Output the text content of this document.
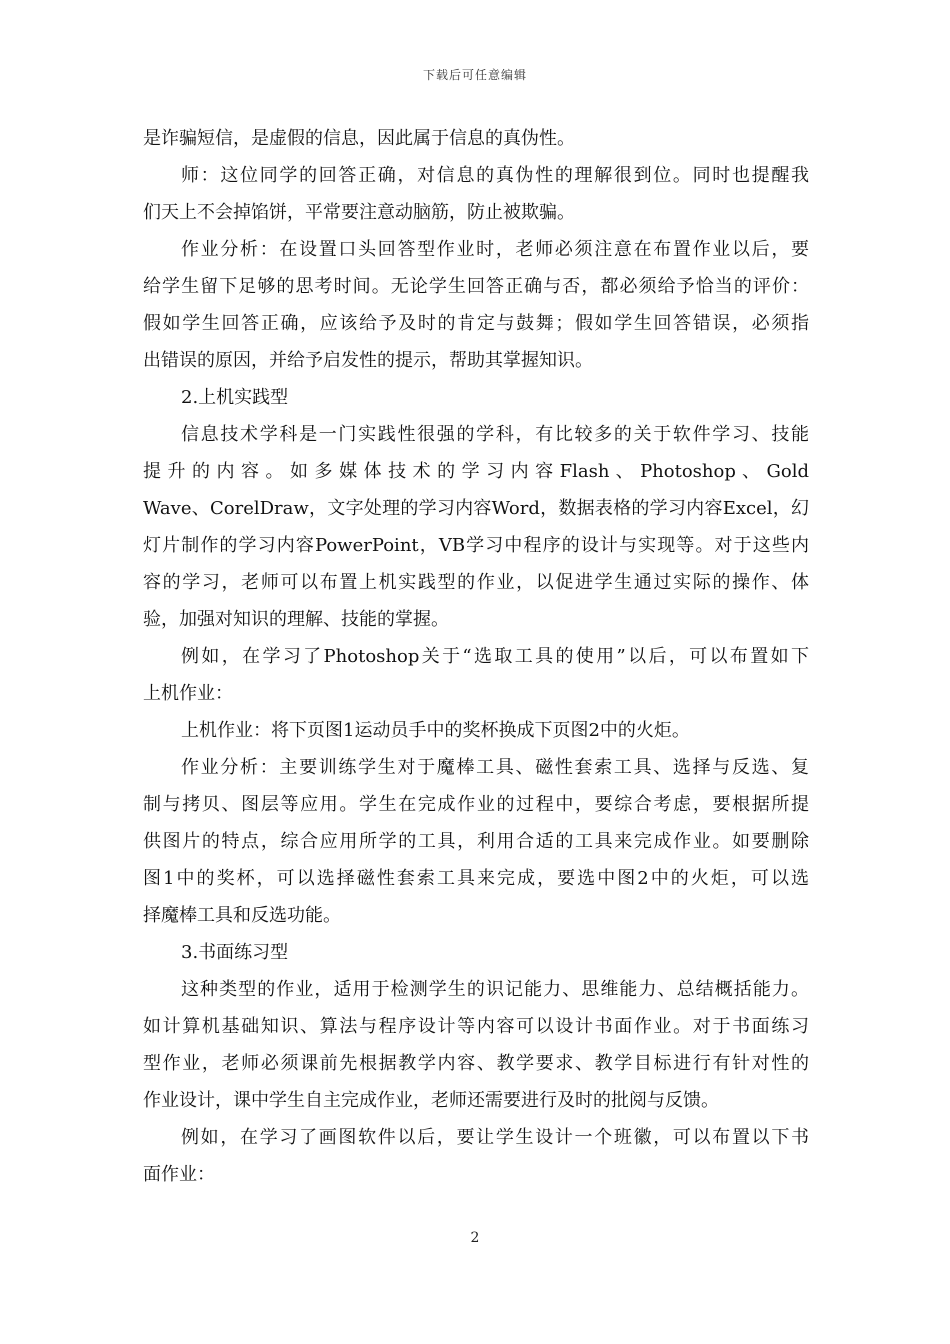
下载后可任意编辑
是诈骗短信，是虚假的信息，因此属于信息的真伪性。
师：这位同学的回答正确，对信息的真伪性的理解很到位。同时也提醒我
们天上不会掉馅饼，平常要注意动脑筋，防止被欺骗。
作业分析：在设置口头回答型作业时，老师必须注意在布置作业以后，要
给学生留下足够的思考时间。无论学生回答正确与否，都必须给予恰当的评价：
假如学生回答正确，应该给予及时的肯定与鼓舞；假如学生回答错误，必须指
出错误的原因，并给予启发性的提示，帮助其掌握知识。
2.上机实践型
信息技术学科是一门实践性很强的学科，有比较多的关于软件学习、技能
提 升 的 内 容 。 如 多 媒 体 技 术 的 学 习 内 容 Flash 、 Photoshop 、 Gold
Wave、CorelDraw，文字处理的学习内容Word，数据表格的学习内容Excel，幻
灯片制作的学习内容PowerPoint，VB学习中程序的设计与实现等。对于这些内
容的学习，老师可以布置上机实践型的作业，以促进学生通过实际的操作、体
验，加强对知识的理解、技能的掌握。
例如，在学习了Photoshop关于“选取工具的使用”以后，可以布置如下
上机作业：
上机作业：将下页图1运动员手中的奖杯换成下页图2中的火炬。
作业分析：主要训练学生对于魔棒工具、磁性套索工具、选择与反选、复
制与拷贝、图层等应用。学生在完成作业的过程中，要综合考虑，要根据所提
供图片的特点，综合应用所学的工具，利用合适的工具来完成作业。如要删除
图1中的奖杯，可以选择磁性套索工具来完成，要选中图2中的火炬，可以选
择魔棒工具和反选功能。
3.书面练习型
这种类型的作业，适用于检测学生的识记能力、思维能力、总结概括能力。
如计算机基础知识、算法与程序设计等内容可以设计书面作业。对于书面练习
型作业，老师必须课前先根据教学内容、教学要求、教学目标进行有针对性的
作业设计，课中学生自主完成作业，老师还需要进行及时的批阅与反馈。
例如，在学习了画图软件以后，要让学生设计一个班徽，可以布置以下书
面作业：
2
